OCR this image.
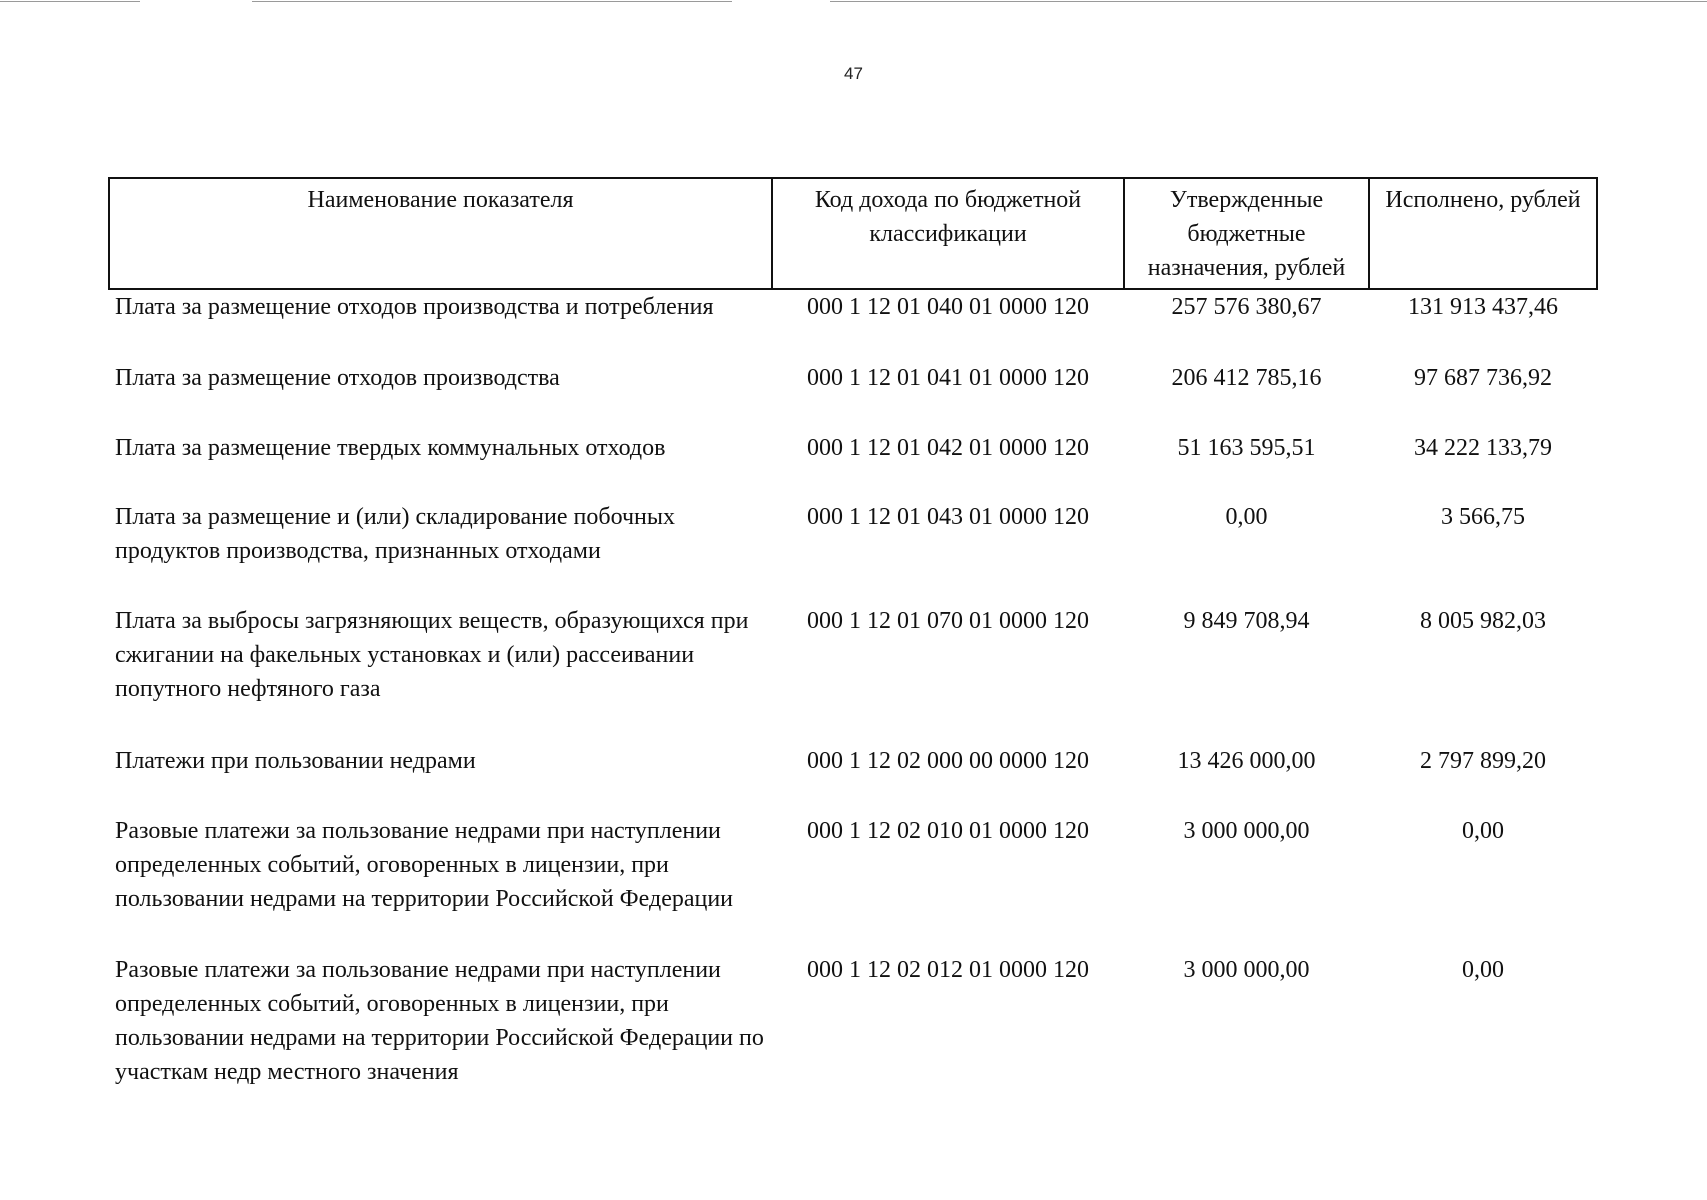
47
Наименование показателя	Код дохода по бюджетной классификации	Утвержденные бюджетные назначения, рублей	Исполнено, рублей
Плата за размещение отходов производства и потребления	000 1 12 01 040 01 0000 120	257 576 380,67	131 913 437,46
Плата за размещение отходов производства	000 1 12 01 041 01 0000 120	206 412 785,16	97 687 736,92
Плата за размещение твердых коммунальных отходов	000 1 12 01 042 01 0000 120	51 163 595,51	34 222 133,79
Плата за размещение и (или) складирование побочных продуктов производства, признанных отходами	000 1 12 01 043 01 0000 120	0,00	3 566,75
Плата за выбросы загрязняющих веществ, образующихся при сжигании на факельных установках и (или) рассеивании попутного нефтяного газа	000 1 12 01 070 01 0000 120	9 849 708,94	8 005 982,03
Платежи при пользовании недрами	000 1 12 02 000 00 0000 120	13 426 000,00	2 797 899,20
Разовые платежи за пользование недрами при наступлении определенных событий, оговоренных в лицензии, при пользовании недрами на территории Российской Федерации	000 1 12 02 010 01 0000 120	3 000 000,00	0,00
Разовые платежи за пользование недрами при наступлении определенных событий, оговоренных в лицензии, при пользовании недрами на территории Российской Федерации по участкам недр местного значения	000 1 12 02 012 01 0000 120	3 000 000,00	0,00
